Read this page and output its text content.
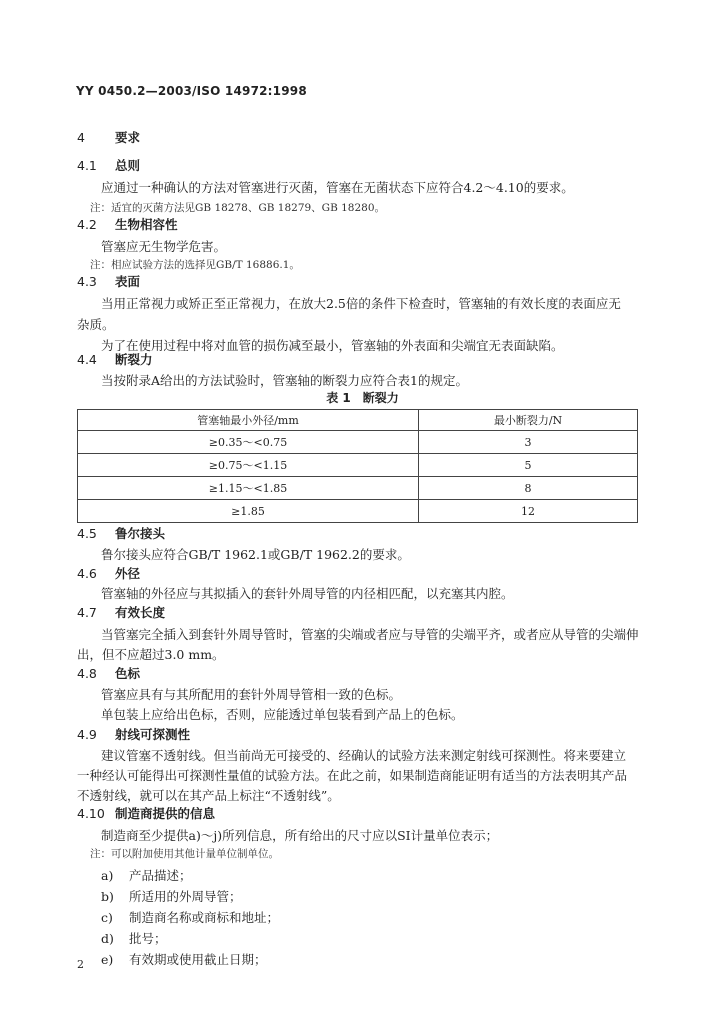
YY 0450.2—2003/ISO 14972:1998
4 要求
4.1 总则
应通过一种确认的方法对管塞进行灭菌，管塞在无菌状态下应符合4.2～4.10的要求。
注：适宜的灭菌方法见GB 18278、GB 18279、GB 18280。
4.2 生物相容性
管塞应无生物学危害。
注：相应试验方法的选择见GB/T 16886.1。
4.3 表面
当用正常视力或矫正至正常视力，在放大2.5倍的条件下检查时，管塞轴的有效长度的表面应无
杂质。
为了在使用过程中将对血管的损伤减至最小，管塞轴的外表面和尖端宜无表面缺陷。
4.4 断裂力
当按附录A给出的方法试验时，管塞轴的断裂力应符合表1的规定。
表 1　断裂力
管塞轴最小外径/mm	最小断裂力/N
≥0.35～<0.75	3
≥0.75～<1.15	5
≥1.15～<1.85	8
≥1.85	12
4.5 鲁尔接头
鲁尔接头应符合GB/T 1962.1或GB/T 1962.2的要求。
4.6 外径
管塞轴的外径应与其拟插入的套针外周导管的内径相匹配，以充塞其内腔。
4.7 有效长度
当管塞完全插入到套针外周导管时，管塞的尖端或者应与导管的尖端平齐，或者应从导管的尖端伸
出，但不应超过3.0 mm。
4.8 色标
管塞应具有与其所配用的套针外周导管相一致的色标。
单包装上应给出色标，否则，应能透过单包装看到产品上的色标。
4.9 射线可探测性
建议管塞不透射线。但当前尚无可接受的、经确认的试验方法来测定射线可探测性。将来要建立
一种经认可能得出可探测性量值的试验方法。在此之前，如果制造商能证明有适当的方法表明其产品
不透射线，就可以在其产品上标注“不透射线”。
4.10 制造商提供的信息
制造商至少提供a)～j)所列信息，所有给出的尺寸应以SI计量单位表示；
注：可以附加使用其他计量单位制单位。
a) 产品描述；
b) 所适用的外周导管；
c) 制造商名称或商标和地址；
d) 批号；
e) 有效期或使用截止日期；
2
